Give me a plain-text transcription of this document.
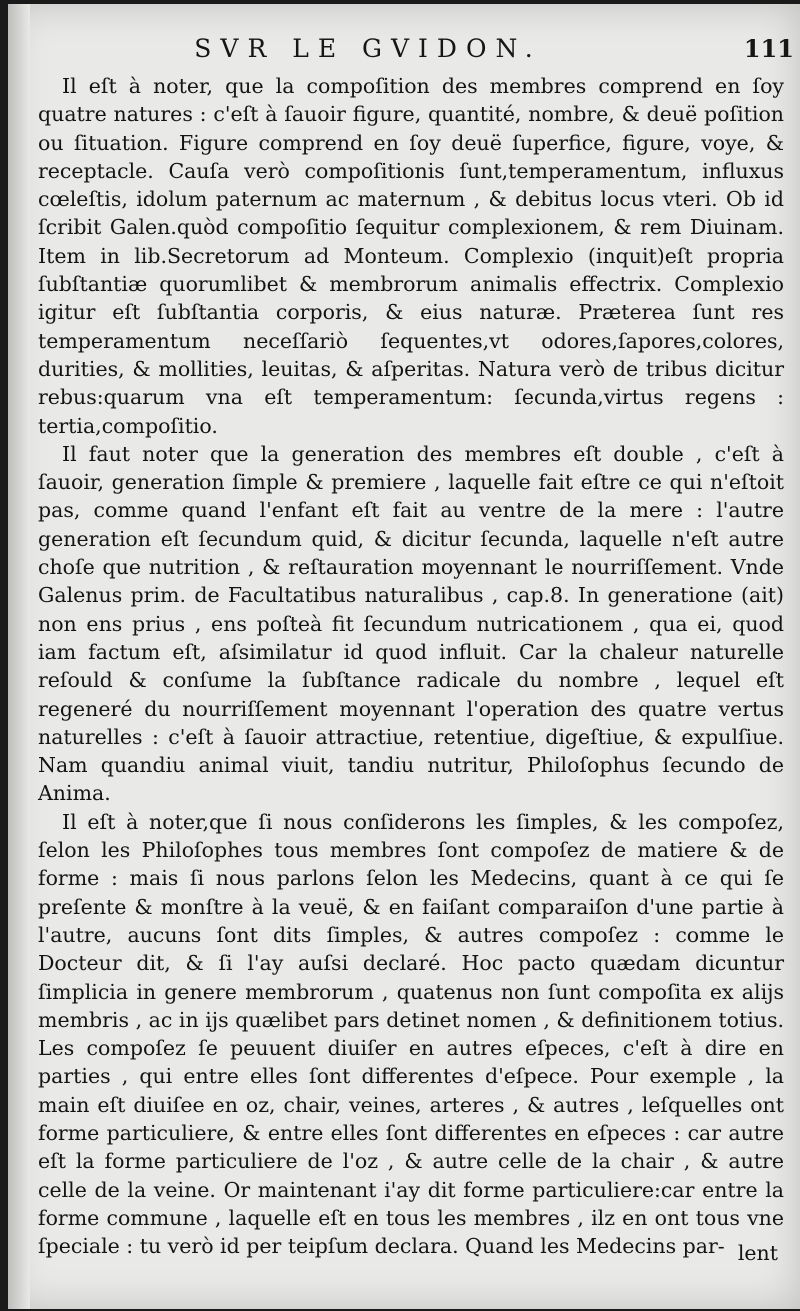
SVR LE GVIDON.	111

Il eſt à noter, que la compoſition des membres comprend en ſoy quatre natures : c'eſt à ſauoir figure, quantité, nombre, & deuë poſition ou ſituation. Figure comprend en ſoy deuë ſuperfice, figure, voye, & receptacle. Cauſa verò compoſitionis ſunt,temperamentum, influxus cœleſtis, idolum paternum ac maternum , & debitus locus vteri. Ob id ſcribit Galen.quòd compoſitio ſequitur complexionem, & rem Diuinam. Item in lib.Secretorum ad Monteum. Complexio (inquit)eſt propria ſubſtantiæ quorumlibet & membrorum animalis effectrix. Complexio igitur eſt ſubſtantia corporis, & eius naturæ. Præterea ſunt res temperamentum neceſſariò ſequentes,vt odores,ſapores,colores, durities, & mollities, leuitas, & aſperitas. Natura verò de tribus dicitur rebus:quarum vna eſt temperamentum: ſecunda,virtus regens : tertia,compoſitio.

Il faut noter que la generation des membres eſt double , c'eſt à ſauoir, generation ſimple & premiere , laquelle fait eſtre ce qui n'eſtoit pas, comme quand l'enfant eſt fait au ventre de la mere : l'autre generation eſt ſecundum quid, & dicitur ſecunda, laquelle n'eſt autre choſe que nutrition , & reſtauration moyennant le nourriſſement. Vnde Galenus prim. de Facultatibus naturalibus , cap.8. In generatione (ait) non ens prius , ens poſteà fit ſecundum nutricationem , qua ei, quod iam factum eſt, aſsimilatur id quod influit. Car la chaleur naturelle reſould & conſume la ſubſtance radicale du nombre , lequel eſt regeneré du nourriſſement moyennant l'operation des quatre vertus naturelles : c'eſt à ſauoir attractiue, retentiue, digeſtiue, & expulſiue. Nam quandiu animal viuit, tandiu nutritur, Philoſophus ſecundo de Anima.

Il eſt à noter,que ſi nous conſiderons les ſimples, & les compoſez, ſelon les Philoſophes tous membres ſont compoſez de matiere & de forme : mais ſi nous parlons ſelon les Medecins, quant à ce qui ſe preſente & monſtre à la veuë, & en faiſant comparaiſon d'une partie à l'autre, aucuns ſont dits ſimples, & autres compoſez : comme le Docteur dit, & ſi l'ay auſsi declaré. Hoc pacto quædam dicuntur ſimplicia in genere membrorum , quatenus non ſunt compoſita ex alijs membris , ac in ijs quælibet pars detinet nomen , & definitionem totius. Les compoſez ſe peuuent diuiſer en autres eſpeces, c'eſt à dire en parties , qui entre elles ſont differentes d'eſpece. Pour exemple , la main eſt diuiſee en oz, chair, veines, arteres , & autres , leſquelles ont forme particuliere, & entre elles ſont differentes en eſpeces : car autre eſt la forme particuliere de l'oz , & autre celle de la chair , & autre celle de la veine. Or maintenant i'ay dit forme particuliere:car entre la forme commune , laquelle eſt en tous les membres , ilz en ont tous vne ſpeciale : tu verò id per teipſum declara. Quand les Medecins par- lent
